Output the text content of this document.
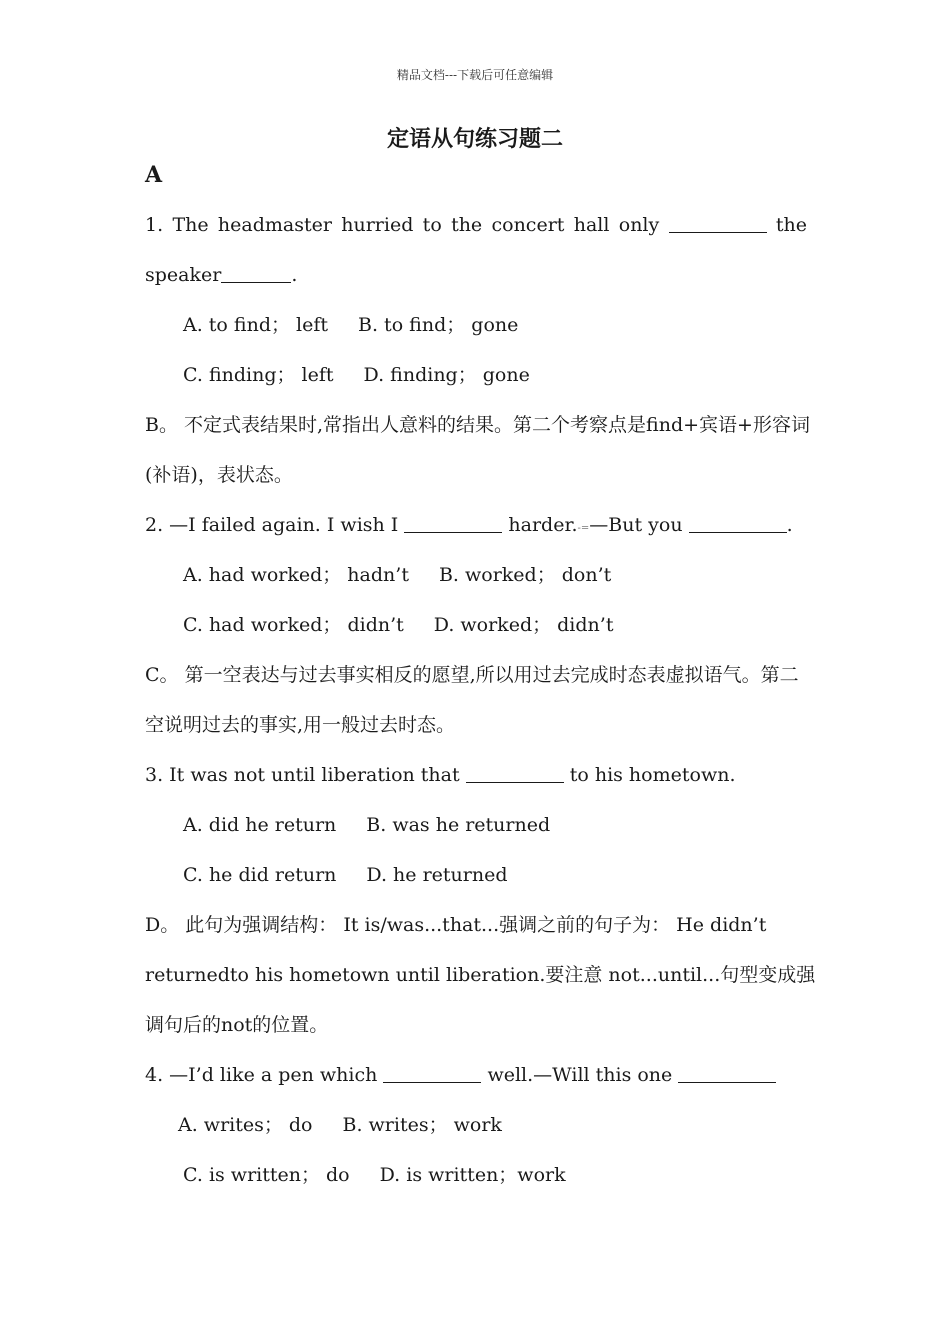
精品文档---下载后可任意编辑
定语从句练习题二
A
1. The headmaster hurried to the concert hall only	the
speaker	.
A. to find； left B. to find； gone
C. finding； left D. finding； gone
B。 不定式表结果时,常指出人意料的结果。第二个考察点是find+宾语+形容词
(补语)，表状态。
2. —I failed again. I wish I	harder.-=—But you	.
A. had worked； hadn’t B. worked； don’t
C. had worked； didn’t D. worked； didn’t
C。 第一空表达与过去事实相反的愿望,所以用过去完成时态表虚拟语气。第二
空说明过去的事实,用一般过去时态。
3. It was not until liberation that	to his hometown.
A. did he return B. was he returned
C. he did return D. he returned
D。 此句为强调结构： It is/was...that...强调之前的句子为： He didn’t
returnedto his hometown until liberation.要注意 not...until...句型变成强
调句后的not的位置。
4. —I’d like a pen which	well.—Will this one
A. writes； do B. writes； work
C. is written； do D. is written；work
